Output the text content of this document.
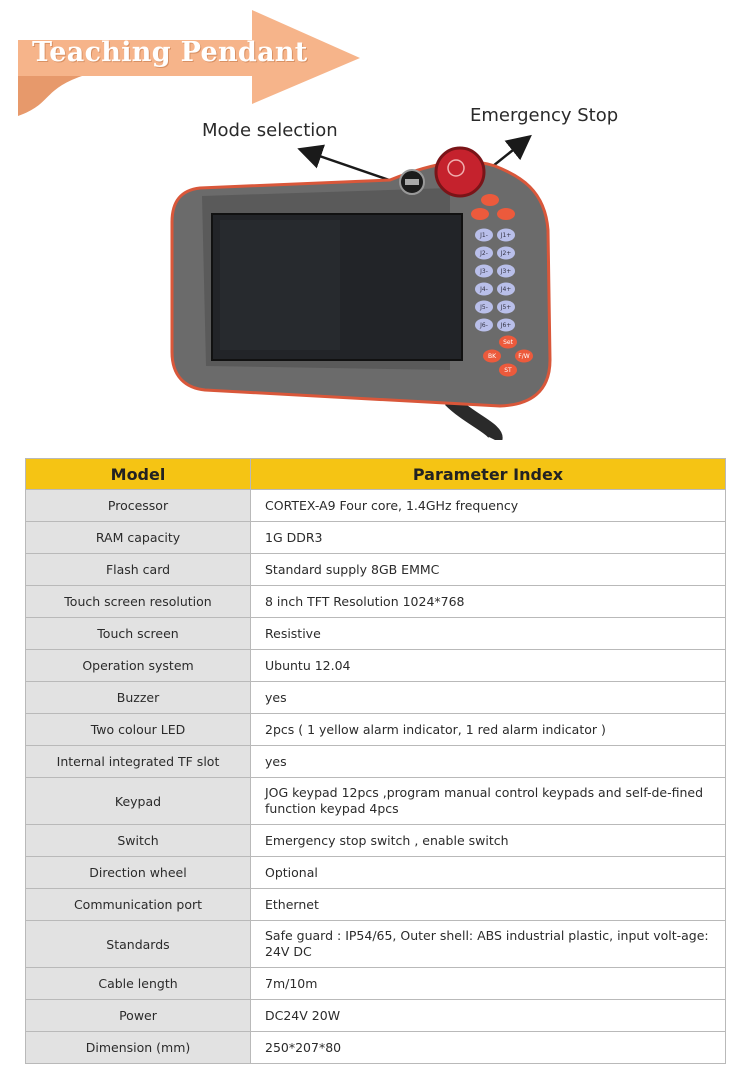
Teaching Pendant
Mode selection
Emergency Stop
J1- J1+
J2- J2+
J3- J3+
J4- J4+
J5- J5+
J6- J6+
Set
BK	F/W
ST
Model	Parameter Index
Processor	CORTEX-A9 Four core, 1.4GHz frequency
RAM capacity	1G DDR3
Flash card	Standard supply 8GB EMMC
Touch screen resolution	8 inch TFT Resolution 1024*768
Touch screen	Resistive
Operation system	Ubuntu 12.04
Buzzer	yes
Two colour LED	2pcs ( 1 yellow alarm indicator, 1 red alarm indicator )
Internal integrated TF slot	yes
Keypad	JOG keypad 12pcs ,program manual control keypads and self-de-fined function keypad 4pcs
Switch	Emergency stop switch , enable switch
Direction wheel	Optional
Communication port	Ethernet
Standards	Safe guard : IP54/65, Outer shell: ABS industrial plastic, input volt-age: 24V DC
Cable length	7m/10m
Power	DC24V 20W
Dimension (mm)	250*207*80
